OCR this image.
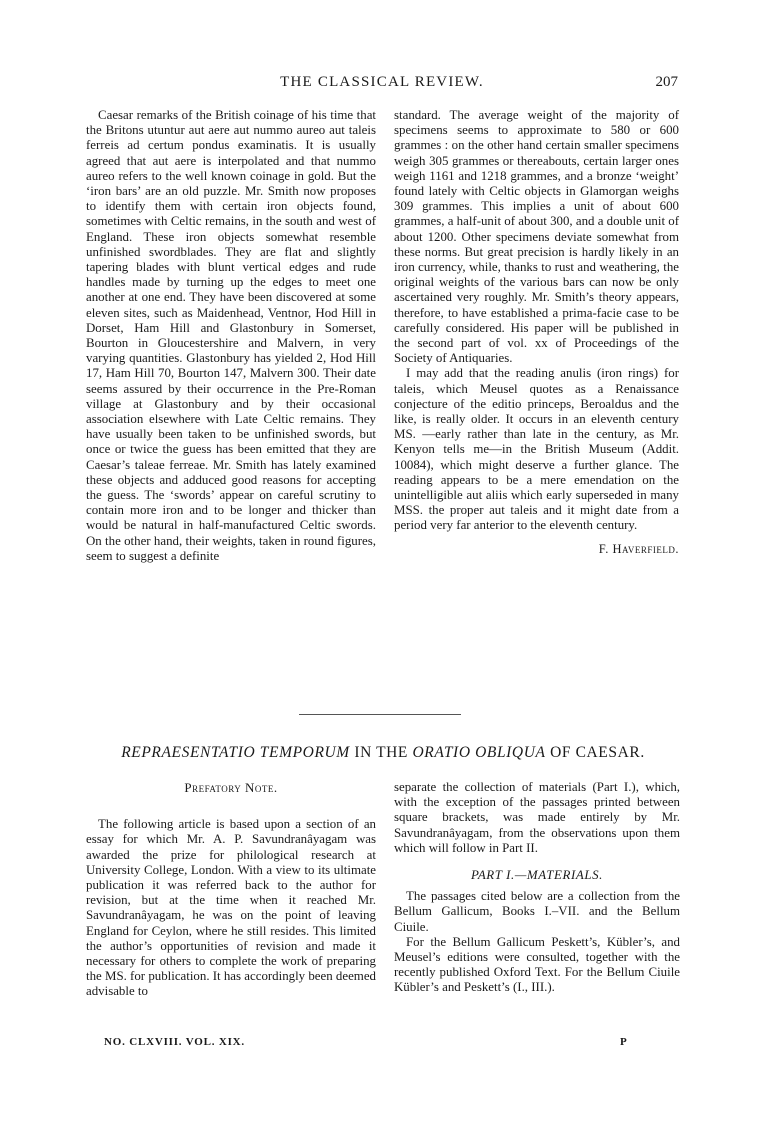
THE CLASSICAL REVIEW.	207

Caesar remarks of the British coinage of his time that the Britons utuntur aut aere aut nummo aureo aut taleis ferreis ad certum pondus examinatis. It is usually agreed that aut aere is interpolated and that nummo aureo refers to the well known coinage in gold. But the ‘iron bars’ are an old puzzle. Mr. Smith now proposes to identify them with certain iron objects found, sometimes with Celtic remains, in the south and west of England. These iron objects somewhat resemble unfinished swordblades. They are flat and slightly tapering blades with blunt vertical edges and rude handles made by turning up the edges to meet one another at one end. They have been discovered at some eleven sites, such as Maidenhead, Ventnor, Hod Hill in Dorset, Ham Hill and Glastonbury in Somerset, Bourton in Gloucestershire and Malvern, in very varying quantities. Glastonbury has yielded 2, Hod Hill 17, Ham Hill 70, Bourton 147, Malvern 300. Their date seems assured by their occurrence in the Pre-Roman village at Glastonbury and by their occasional association elsewhere with Late Celtic remains. They have usually been taken to be unfinished swords, but once or twice the guess has been emitted that they are Caesar’s taleae ferreae. Mr. Smith has lately examined these objects and adduced good reasons for accepting the guess. The ‘swords’ appear on careful scrutiny to contain more iron and to be longer and thicker than would be natural in half-manufactured Celtic swords. On the other hand, their weights, taken in round figures, seem to suggest a definite

standard. The average weight of the majority of specimens seems to approximate to 580 or 600 grammes : on the other hand certain smaller specimens weigh 305 grammes or thereabouts, certain larger ones weigh 1161 and 1218 grammes, and a bronze ‘weight’ found lately with Celtic objects in Glamorgan weighs 309 grammes. This implies a unit of about 600 grammes, a half-unit of about 300, and a double unit of about 1200. Other specimens deviate somewhat from these norms. But great precision is hardly likely in an iron currency, while, thanks to rust and weathering, the original weights of the various bars can now be only ascertained very roughly. Mr. Smith’s theory appears, therefore, to have established a prima-facie case to be carefully considered. His paper will be published in the second part of vol. xx of Proceedings of the Society of Antiquaries.

I may add that the reading anulis (iron rings) for taleis, which Meusel quotes as a Renaissance conjecture of the editio princeps, Beroaldus and the like, is really older. It occurs in an eleventh century MS. —early rather than late in the century, as Mr. Kenyon tells me—in the British Museum (Addit. 10084), which might deserve a further glance. The reading appears to be a mere emendation on the unintelligible aut aliis which early superseded in many MSS. the proper aut taleis and it might date from a period very far anterior to the eleventh century.

F. Haverfield.

REPRAESENTATIO TEMPORUM IN THE ORATIO OBLIQUA OF CAESAR.

Prefatory Note.

The following article is based upon a section of an essay for which Mr. A. P. Savundranâyagam was awarded the prize for philological research at University College, London. With a view to its ultimate publication it was referred back to the author for revision, but at the time when it reached Mr. Savundranâyagam, he was on the point of leaving England for Ceylon, where he still resides. This limited the author’s opportunities of revision and made it necessary for others to complete the work of preparing the MS. for publication. It has accordingly been deemed advisable to

separate the collection of materials (Part I.), which, with the exception of the passages printed between square brackets, was made entirely by Mr. Savundranâyagam, from the observations upon them which will follow in Part II.

PART I.—MATERIALS.

The passages cited below are a collection from the Bellum Gallicum, Books I.–VII. and the Bellum Ciuile.

For the Bellum Gallicum Peskett’s, Kübler’s, and Meusel’s editions were consulted, together with the recently published Oxford Text. For the Bellum Ciuile Kübler’s and Peskett’s (I., III.).

NO. CLXVIII. VOL. XIX.	P
